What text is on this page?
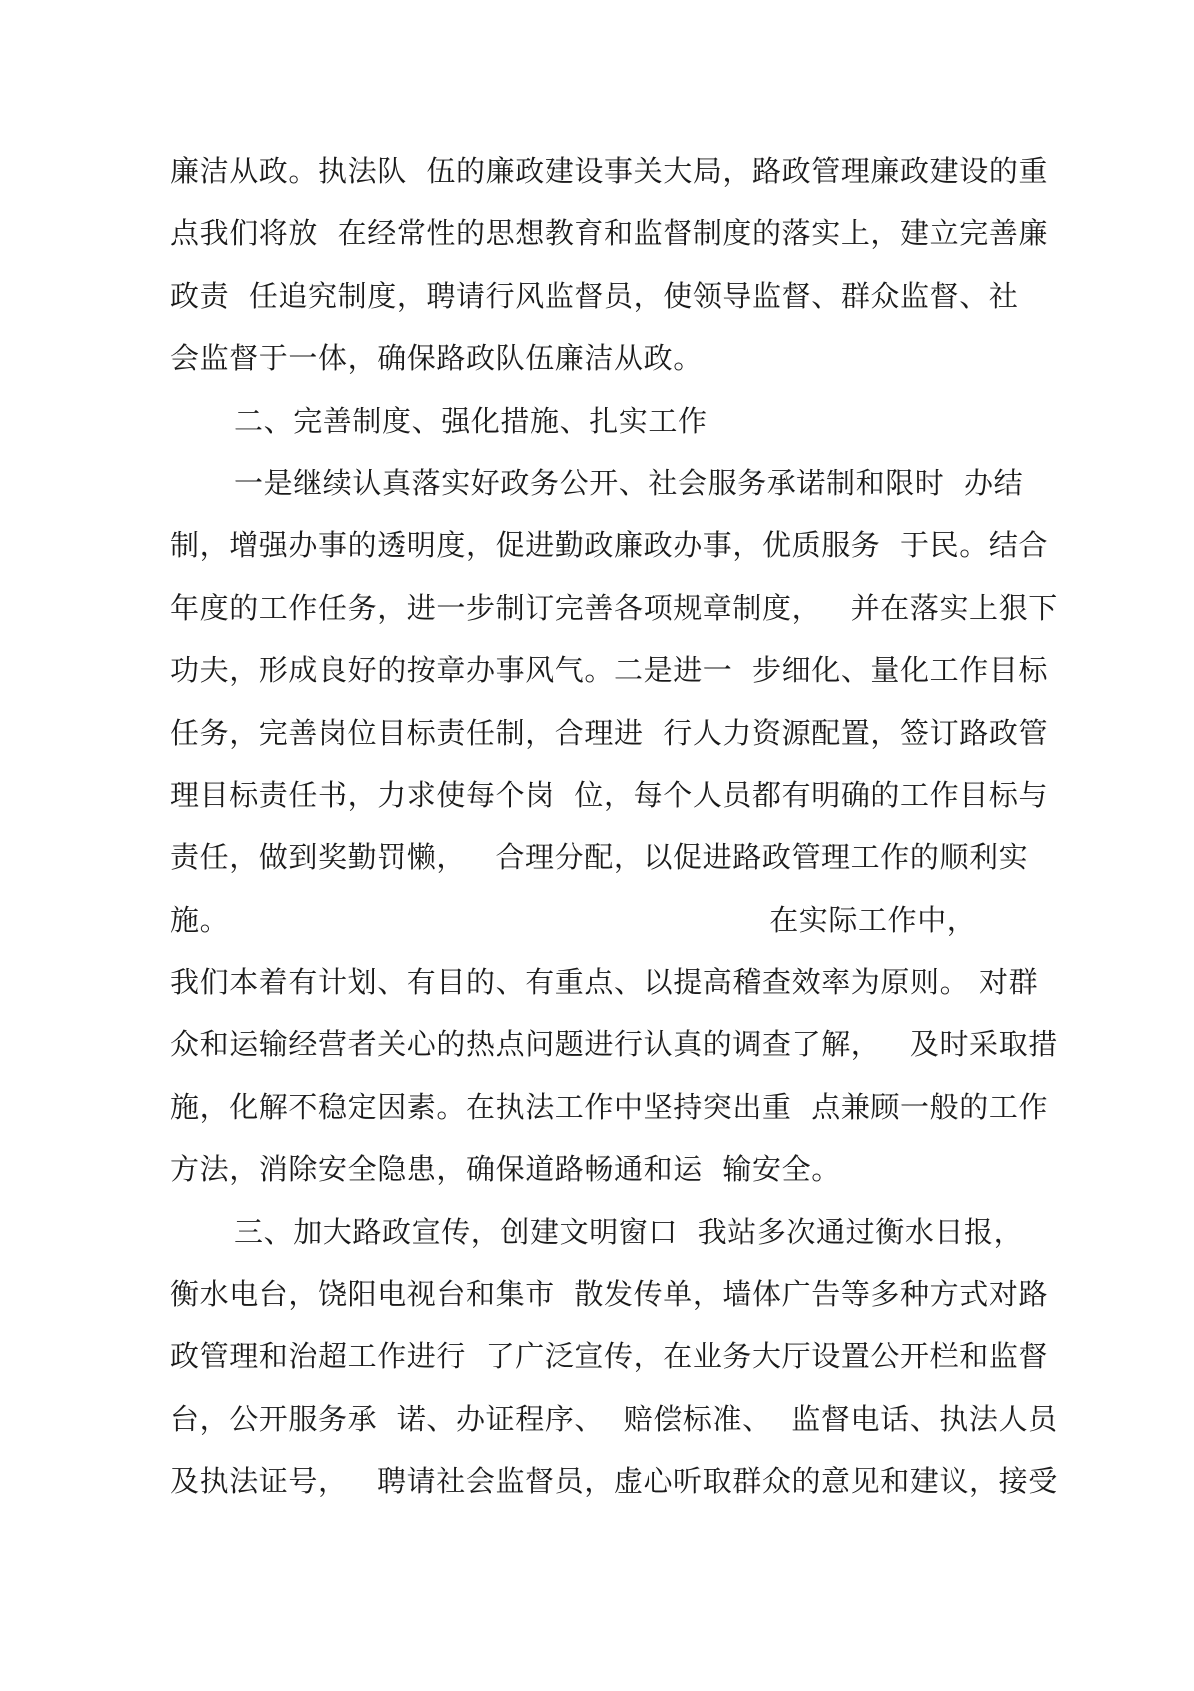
廉洁从政。执法队  伍的廉政建设事关大局，路政管理廉政建设的重
点我们将放  在经常性的思想教育和监督制度的落实上，建立完善廉
政责  任追究制度，聘请行风监督员，使领导监督、群众监督、社
会监督于一体，确保路政队伍廉洁从政。
二、完善制度、强化措施、扎实工作
一是继续认真落实好政务公开、社会服务承诺制和限时  办结
制，增强办事的透明度，促进勤政廉政办事，优质服务  于民。结合
年度的工作任务，进一步制订完善各项规章制度，   并在落实上狠下
功夫，形成良好的按章办事风气。二是进一  步细化、量化工作目标
任务，完善岗位目标责任制，合理进  行人力资源配置，签订路政管
理目标责任书，力求使每个岗  位，每个人员都有明确的工作目标与
责任，做到奖勤罚懒，   合理分配，以促进路政管理工作的顺利实
施。                                                       在实际工作中，
我们本着有计划、有目的、有重点、以提高稽查效率为原则。 对群
众和运输经营者关心的热点问题进行认真的调查了解，   及时采取措
施，化解不稳定因素。在执法工作中坚持突出重  点兼顾一般的工作
方法，消除安全隐患，确保道路畅通和运  输安全。
三、加大路政宣传，创建文明窗口  我站多次通过衡水日报，
衡水电台，饶阳电视台和集市  散发传单，墙体广告等多种方式对路
政管理和治超工作进行  了广泛宣传，在业务大厅设置公开栏和监督
台，公开服务承  诺、办证程序、  赔偿标准、  监督电话、执法人员
及执法证号，   聘请社会监督员，虚心听取群众的意见和建议，接受
